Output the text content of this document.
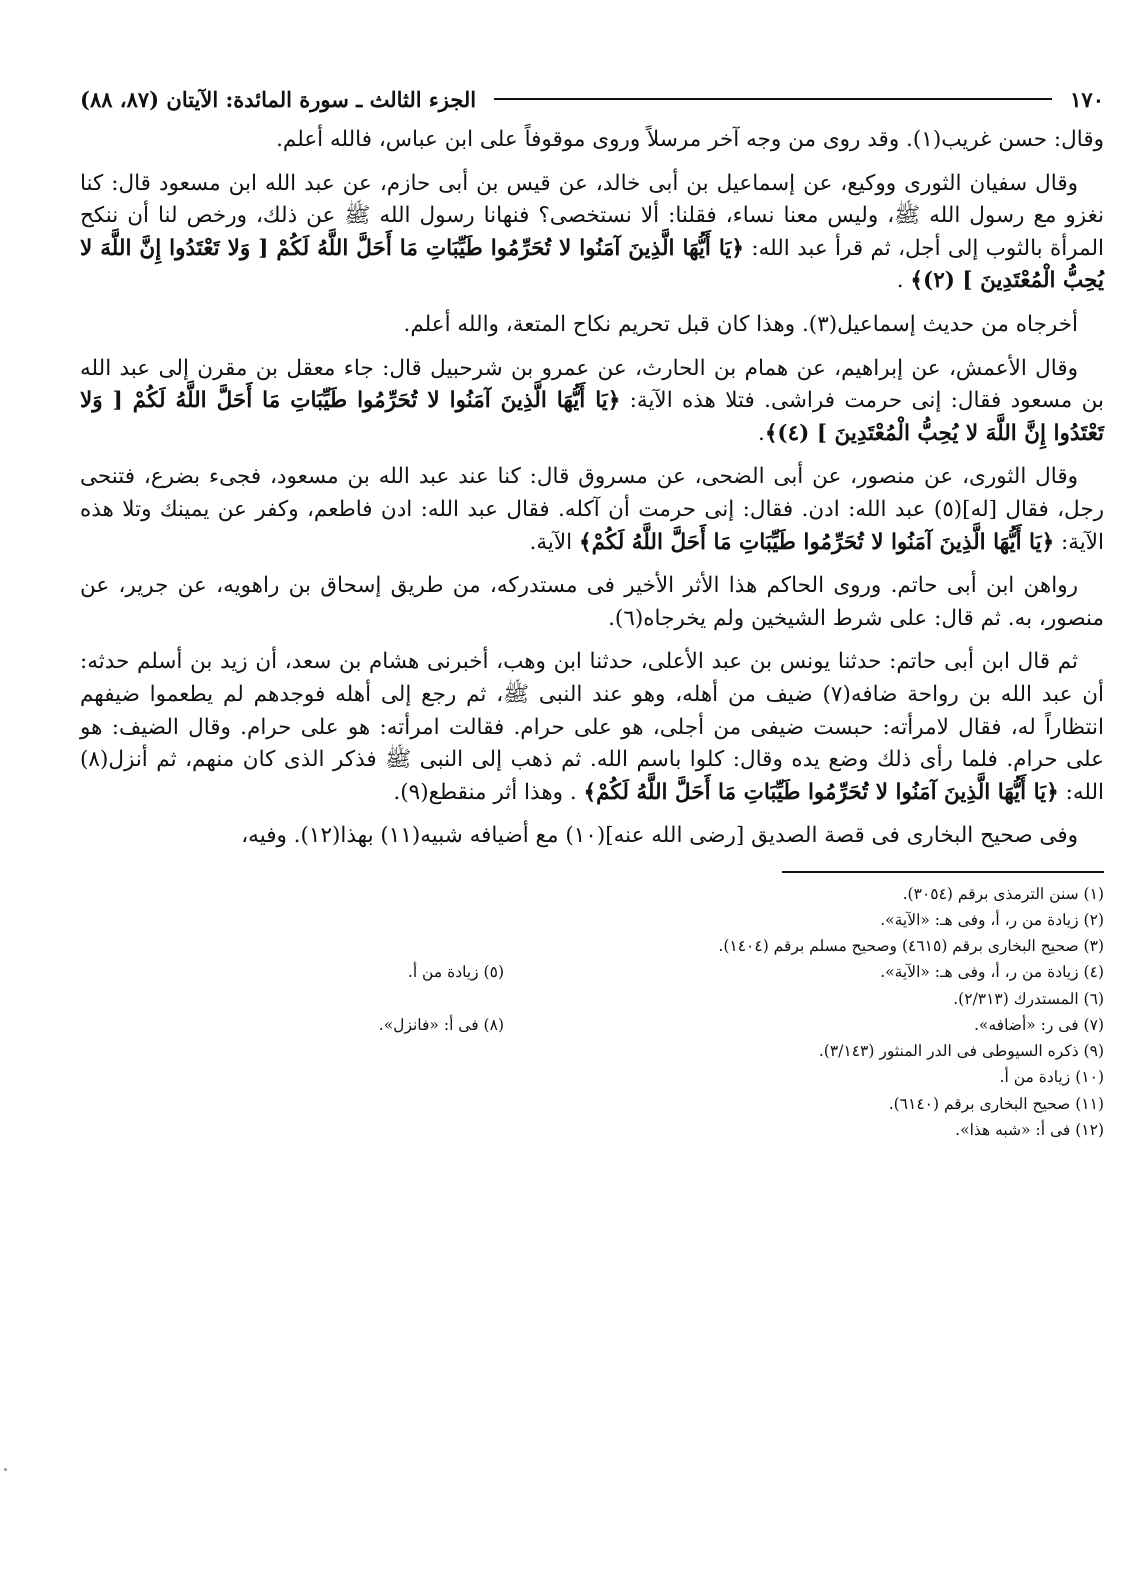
١٧٠
الجزء الثالث ـ سورة المائدة: الآيتان (٨٧، ٨٨)

وقال: حسن غريب(١). وقد روى من وجه آخر مرسلاً وروى موقوفاً على ابن عباس، فالله أعلم.

وقال سفيان الثورى ووكيع، عن إسماعيل بن أبى خالد، عن قيس بن أبى حازم، عن عبد الله ابن مسعود قال: كنا نغزو مع رسول الله ﷺ، وليس معنا نساء، فقلنا: ألا نستخصى؟ فنهانا رسول الله ﷺ عن ذلك، ورخص لنا أن ننكح المرأة بالثوب إلى أجل، ثم قرأ عبد الله: ﴿يَا أَيُّهَا الَّذِينَ آمَنُوا لا تُحَرِّمُوا طَيِّبَاتِ مَا أَحَلَّ اللَّهُ لَكُمْ [ وَلا تَعْتَدُوا إِنَّ اللَّهَ لا يُحِبُّ الْمُعْتَدِينَ ] (٢)﴾ .

أخرجاه من حديث إسماعيل(٣). وهذا كان قبل تحريم نكاح المتعة، والله أعلم.

وقال الأعمش، عن إبراهيم، عن همام بن الحارث، عن عمرو بن شرحبيل قال: جاء معقل بن مقرن إلى عبد الله بن مسعود فقال: إنى حرمت فراشى. فتلا هذه الآية: ﴿يَا أَيُّهَا الَّذِينَ آمَنُوا لا تُحَرِّمُوا طَيِّبَاتِ مَا أَحَلَّ اللَّهُ لَكُمْ [ وَلا تَعْتَدُوا إِنَّ اللَّهَ لا يُحِبُّ الْمُعْتَدِينَ ] (٤)﴾.

وقال الثورى، عن منصور، عن أبى الضحى، عن مسروق قال: كنا عند عبد الله بن مسعود، فجىء بضرع، فتنحى رجل، فقال [له](٥) عبد الله: ادن. فقال: إنى حرمت أن آكله. فقال عبد الله: ادن فاطعم، وكفر عن يمينك وتلا هذه الآية: ﴿يَا أَيُّهَا الَّذِينَ آمَنُوا لا تُحَرِّمُوا طَيِّبَاتِ مَا أَحَلَّ اللَّهُ لَكُمْ﴾ الآية.

رواهن ابن أبى حاتم. وروى الحاكم هذا الأثر الأخير فى مستدركه، من طريق إسحاق بن راهويه، عن جرير، عن منصور، به. ثم قال: على شرط الشيخين ولم يخرجاه(٦).

ثم قال ابن أبى حاتم: حدثنا يونس بن عبد الأعلى، حدثنا ابن وهب، أخبرنى هشام بن سعد، أن زيد بن أسلم حدثه: أن عبد الله بن رواحة ضافه(٧) ضيف من أهله، وهو عند النبى ﷺ، ثم رجع إلى أهله فوجدهم لم يطعموا ضيفهم انتظاراً له، فقال لامرأته: حبست ضيفى من أجلى، هو على حرام. فقالت امرأته: هو على حرام. وقال الضيف: هو على حرام. فلما رأى ذلك وضع يده وقال: كلوا باسم الله. ثم ذهب إلى النبى ﷺ فذكر الذى كان منهم، ثم أنزل(٨) الله: ﴿يَا أَيُّهَا الَّذِينَ آمَنُوا لا تُحَرِّمُوا طَيِّبَاتِ مَا أَحَلَّ اللَّهُ لَكُمْ﴾ . وهذا أثر منقطع(٩).

وفى صحيح البخارى فى قصة الصديق [رضى الله عنه](١٠) مع أضيافه شبيه(١١) بهذا(١٢). وفيه،

(١) سنن الترمذى برقم (٣٠٥٤).
(٢) زيادة من ر، أ، وفى هـ: «الآية».
(٣) صحيح البخارى برقم (٤٦١٥) وصحيح مسلم برقم (١٤٠٤).
(٤) زيادة من ر، أ، وفى هـ: «الآية».
(٥) زيادة من أ.
(٦) المستدرك (٢/٣١٣).
(٧) فى ر: «أضافه».
(٨) فى أ: «فانزل».
(٩) ذكره السيوطى فى الدر المنثور (٣/١٤٣).
(١٠) زيادة من أ.
(١١) صحيح البخارى برقم (٦١٤٠).
(١٢) فى أ: «شبه هذا».
